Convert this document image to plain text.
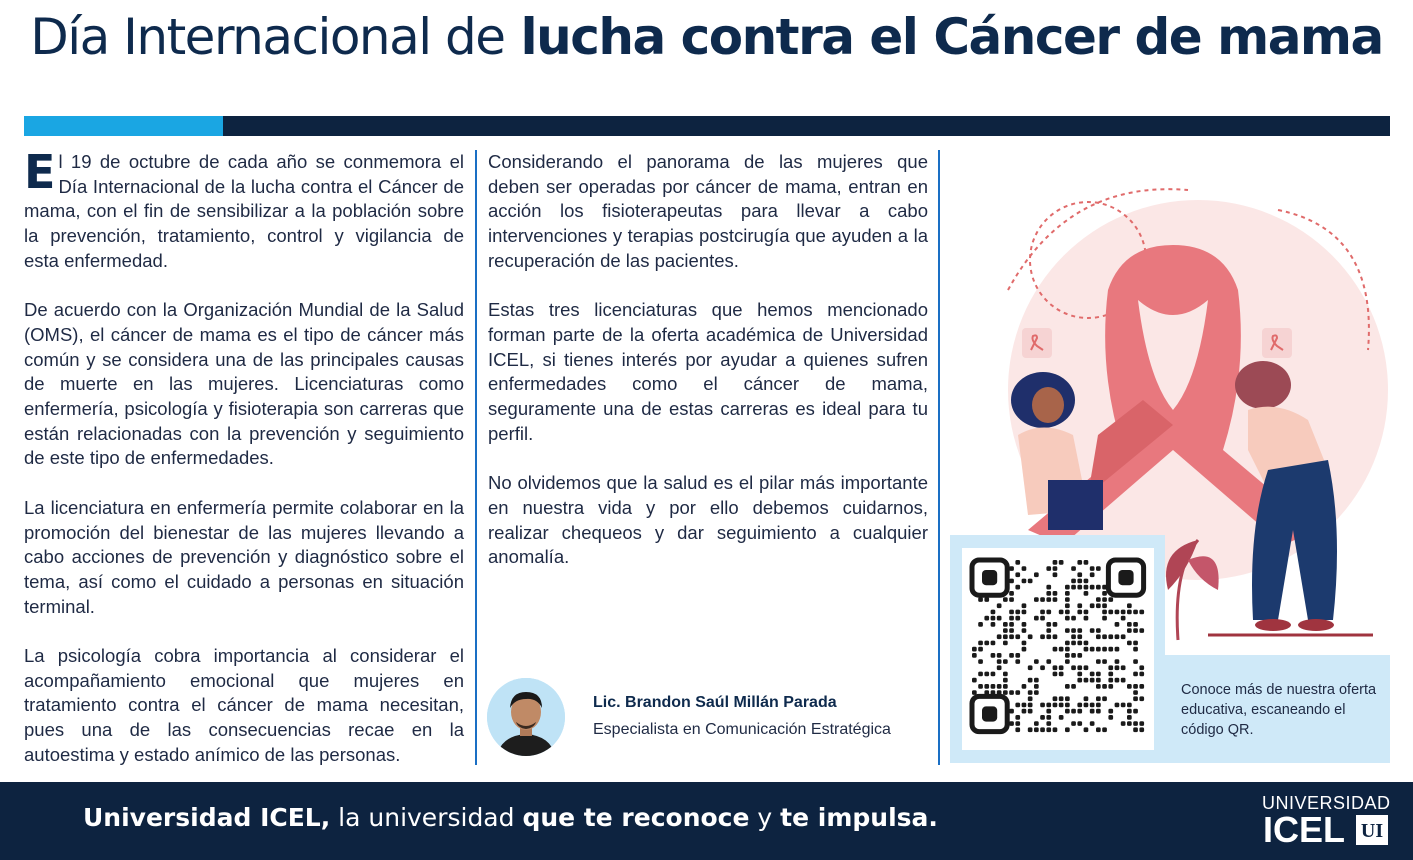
Día Internacional de lucha contra el Cáncer de mama

El 19 de octubre de cada año se conmemora el Día Internacional de la lucha contra el Cáncer de mama, con el fin de sensibilizar a la población sobre la prevención, tratamiento, control y vigilancia de esta enfermedad.

De acuerdo con la Organización Mundial de la Salud (OMS), el cáncer de mama es el tipo de cáncer más común y se considera una de las principales causas de muerte en las mujeres. Licenciaturas como enfermería, psicología y fisioterapia son carreras que están relacionadas con la prevención y seguimiento de este tipo de enfermedades.

La licenciatura en enfermería permite colaborar en la promoción del bienestar de las mujeres llevando a cabo acciones de prevención y diagnóstico sobre el tema, así como el cuidado a personas en situación terminal.

La psicología cobra importancia al considerar el acompañamiento emocional que mujeres en tratamiento contra el cáncer de mama necesitan, pues una de las consecuencias recae en la autoestima y estado anímico de las personas.

Considerando el panorama de las mujeres que deben ser operadas por cáncer de mama, entran en acción los fisioterapeutas para llevar a cabo intervenciones y terapias postcirugía que ayuden a la recuperación de las pacientes.

Estas tres licenciaturas que hemos mencionado forman parte de la oferta académica de Universidad ICEL, si tienes interés por ayudar a quienes sufren enfermedades como el cáncer de mama, seguramente una de estas carreras es ideal para tu perfil.

No olvidemos que la salud es el pilar más importante en nuestra vida y por ello debemos cuidarnos, realizar chequeos y dar seguimiento a cualquier anomalía.

Lic. Brandon Saúl Millán Parada
Especialista en Comunicación Estratégica
Conoce más de nuestra oferta educativa, escaneando el código QR.
Universidad ICEL, la universidad que te reconoce y te impulsa.	UNIVERSIDAD
ICEL UI
